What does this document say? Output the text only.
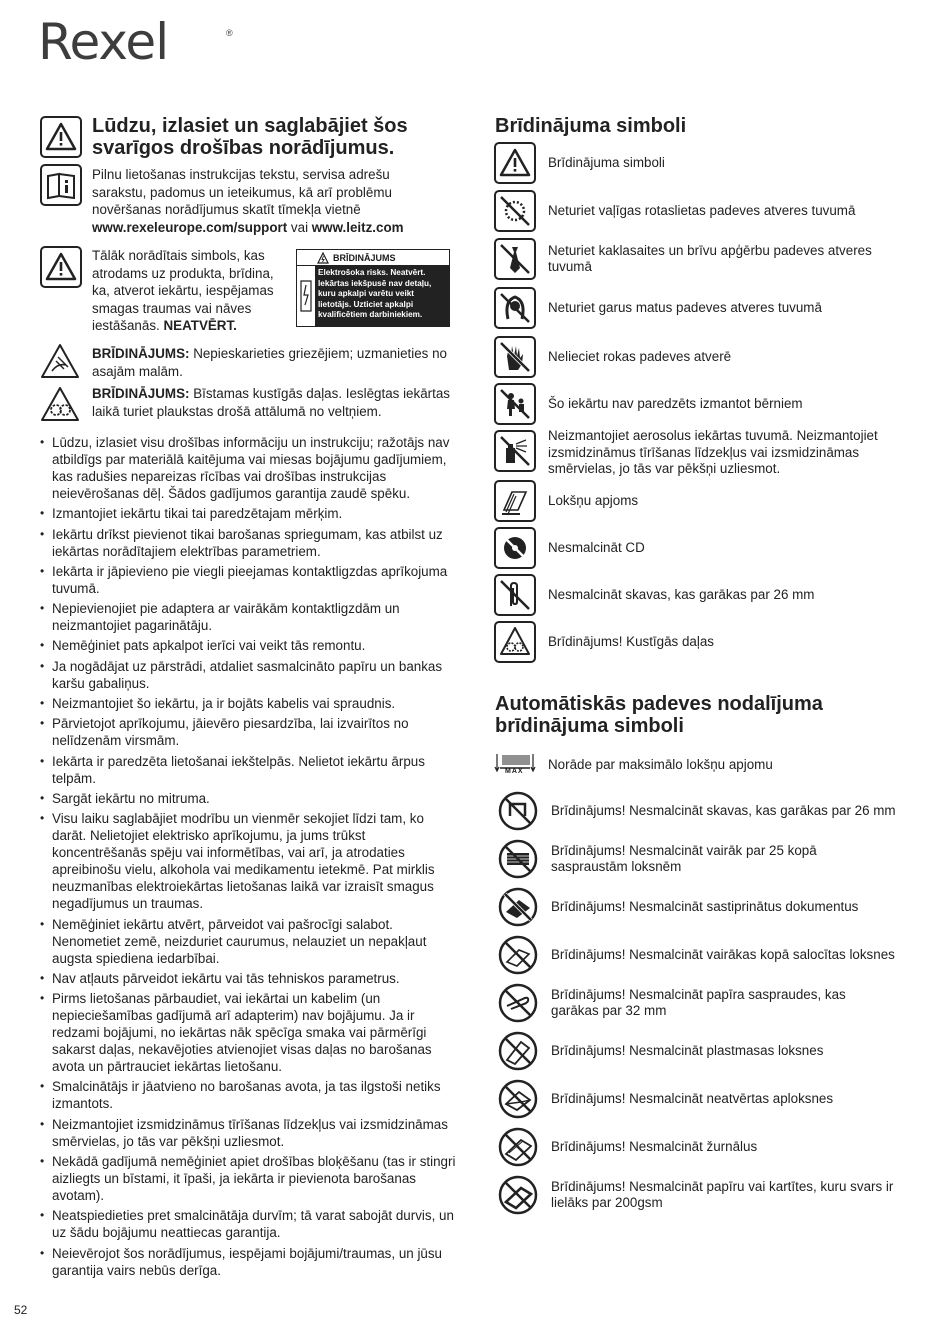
Rexel	®
Lūdzu, izlasiet un saglabājiet šos svarīgos drošības norādījumus.
Pilnu lietošanas instrukcijas tekstu, servisa adrešu sarakstu, padomus un ieteikumus, kā arī problēmu novēršanas norādījumus skatīt tīmekļa vietnē www.rexeleurope.com/support vai www.leitz.com
Tālāk norādītais simbols, kas atrodams uz produkta, brīdina, ka, atverot iekārtu, iespējamas smagas traumas vai nāves iestāšanās. NEATVĒRT.
BRĪDINĀJUMS
Elektrošoka risks. Neatvērt. Iekārtas iekšpusē nav detaļu, kuru apkalpi varētu veikt lietotājs. Uzticiet apkalpi kvalificētiem darbiniekiem.
BRĪDINĀJUMS: Nepieskarieties griezējiem; uzmanieties no asajām malām.
BRĪDINĀJUMS: Bīstamas kustīgās daļas. Ieslēgtas iekārtas laikā turiet plaukstas drošā attālumā no veltņiem.
• Lūdzu, izlasiet visu drošības informāciju un instrukciju; ražotājs nav atbildīgs par materiālā kaitējuma vai miesas bojājumu gadījumiem, kas radušies nepareizas rīcības vai drošības instrukcijas neievērošanas dēļ. Šādos gadījumos garantija zaudē spēku.
• Izmantojiet iekārtu tikai tai paredzētajam mērķim.
• Iekārtu drīkst pievienot tikai barošanas spriegumam, kas atbilst uz iekārtas norādītajiem elektrības parametriem.
• Iekārta ir jāpievieno pie viegli pieejamas kontaktligzdas aprīkojuma tuvumā.
• Nepievienojiet pie adaptera ar vairākām kontaktligzdām un neizmantojiet pagarinātāju.
• Nemēģiniet pats apkalpot ierīci vai veikt tās remontu.
• Ja nogādājat uz pārstrādi, atdaliet sasmalcināto papīru un bankas karšu gabaliņus.
• Neizmantojiet šo iekārtu, ja ir bojāts kabelis vai spraudnis.
• Pārvietojot aprīkojumu, jāievēro piesardzība, lai izvairītos no nelīdzenām virsmām.
• Iekārta ir paredzēta lietošanai iekštelpās. Nelietot iekārtu ārpus telpām.
• Sargāt iekārtu no mitruma.
• Visu laiku saglabājiet modrību un vienmēr sekojiet līdzi tam, ko darāt. Nelietojiet elektrisko aprīkojumu, ja jums trūkst koncentrēšanās spēju vai informētības, vai arī, ja atrodaties apreibinošu vielu, alkohola vai medikamentu ietekmē. Pat mirklis neuzmanības elektroiekārtas lietošanas laikā var izraisīt smagus negadījumus un traumas.
• Nemēģiniet iekārtu atvērt, pārveidot vai pašrocīgi salabot. Nenometiet zemē, neizduriet caurumus, nelauziet un nepakļaut augsta spiediena iedarbībai.
• Nav atļauts pārveidot iekārtu vai tās tehniskos parametrus.
• Pirms lietošanas pārbaudiet, vai iekārtai un kabelim (un nepieciešamības gadījumā arī adapterim) nav bojājumu. Ja ir redzami bojājumi, no iekārtas nāk spēcīga smaka vai pārmērīgi sakarst daļas, nekavējoties atvienojiet visas daļas no barošanas avota un pārtrauciet iekārtas lietošanu.
• Smalcinātājs ir jāatvieno no barošanas avota, ja tas ilgstoši netiks izmantots.
• Neizmantojiet izsmidzināmus tīrīšanas līdzekļus vai izsmidzināmas smērvielas, jo tās var pēkšņi uzliesmot.
• Nekādā gadījumā nemēģiniet apiet drošības bloķēšanu (tas ir stingri aizliegts un bīstami, it īpaši, ja iekārta ir pievienota barošanas avotam).
• Neatspiedieties pret smalcinātāja durvīm; tā varat sabojāt durvis, un uz šādu bojājumu neattiecas garantija.
• Neievērojot šos norādījumus, iespējami bojājumi/traumas, un jūsu garantija vairs nebūs derīga.
Brīdinājuma simboli
Brīdinājuma simboli
Neturiet vaļīgas rotaslietas padeves atveres tuvumā
Neturiet kaklasaites un brīvu apģērbu padeves atveres tuvumā
Neturiet garus matus padeves atveres tuvumā
Nelieciet rokas padeves atverē
Šo iekārtu nav paredzēts izmantot bērniem
Neizmantojiet aerosolus iekārtas tuvumā. Neizmantojiet izsmidzināmus tīrīšanas līdzekļus vai izsmidzināmas smērvielas, jo tās var pēkšņi uzliesmot.
Lokšņu apjoms
Nesmalcināt CD
Nesmalcināt skavas, kas garākas par 26 mm
Brīdinājums! Kustīgās daļas
Automātiskās padeves nodalījuma brīdinājuma simboli
MAX Norāde par maksimālo lokšņu apjomu
Brīdinājums! Nesmalcināt skavas, kas garākas par 26 mm
Brīdinājums! Nesmalcināt vairāk par 25 kopā saspraustām loksnēm
Brīdinājums! Nesmalcināt sastiprinātus dokumentus
Brīdinājums! Nesmalcināt vairākas kopā salocītas loksnes
Brīdinājums! Nesmalcināt papīra saspraudes, kas garākas par 32 mm
Brīdinājums! Nesmalcināt plastmasas loksnes
Brīdinājums! Nesmalcināt neatvērtas aploksnes
Brīdinājums! Nesmalcināt žurnālus
Brīdinājums! Nesmalcināt papīru vai kartītes, kuru svars ir lielāks par 200gsm
52
